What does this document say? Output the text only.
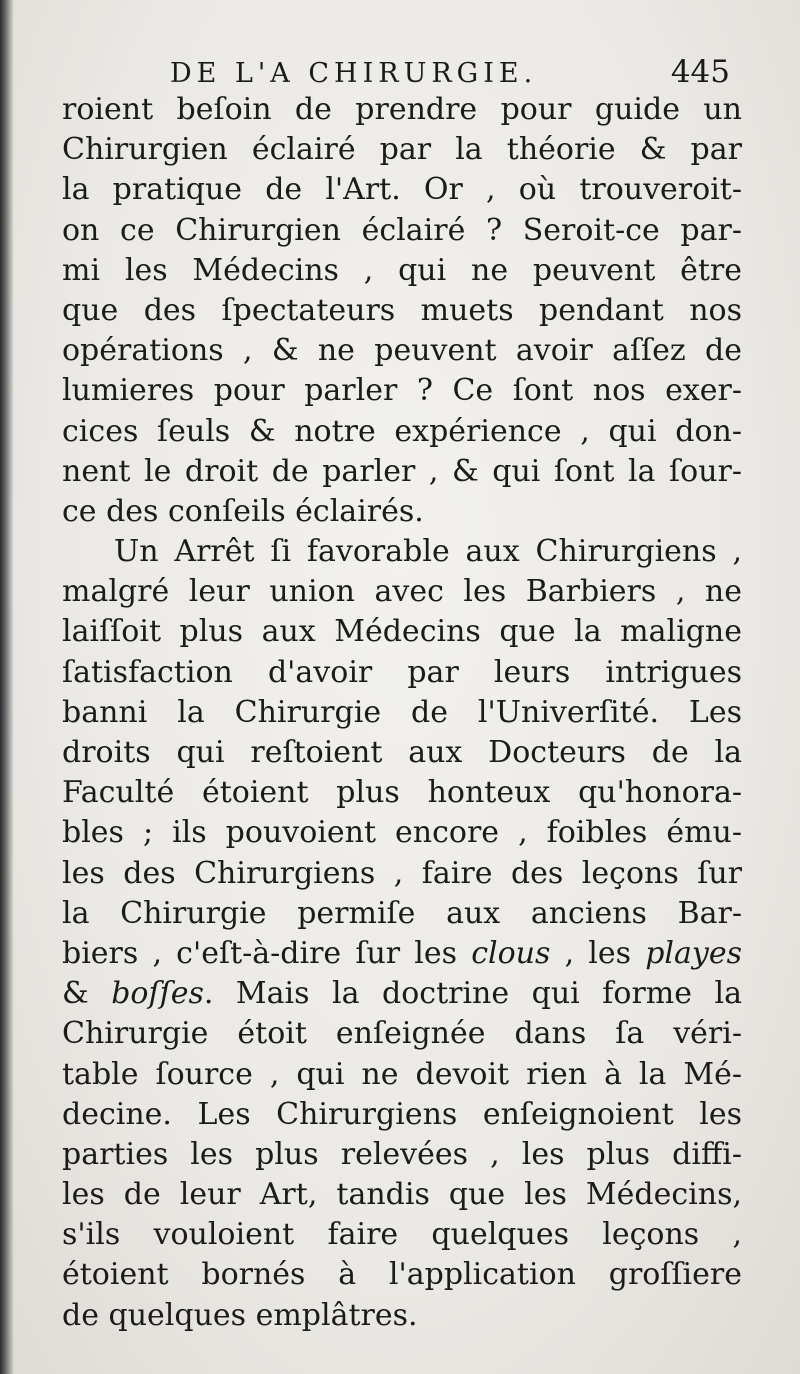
DE L'A CHIRURGIE.	445
roient beſoin de prendre pour guide un
Chirurgien éclairé par la théorie & par
la pratique de l'Art. Or , où trouveroit-
on ce Chirurgien éclairé ? Seroit-ce par-
mi les Médecins , qui ne peuvent être
que des ſpectateurs muets pendant nos
opérations , & ne peuvent avoir aſſez de
lumieres pour parler ? Ce ſont nos exer-
cices ſeuls & notre expérience , qui don-
nent le droit de parler , & qui ſont la ſour-
ce des conſeils éclairés.
Un Arrêt ſi favorable aux Chirurgiens ,
malgré leur union avec les Barbiers , ne
laiſſoit plus aux Médecins que la maligne
ſatisfaction d'avoir par leurs intrigues
banni la Chirurgie de l'Univerſité. Les
droits qui reſtoient aux Docteurs de la
Faculté étoient plus honteux qu'honora-
bles ; ils pouvoient encore , foibles ému-
les des Chirurgiens , faire des leçons ſur
la Chirurgie permiſe aux anciens Bar-
biers , c'eſt-à-dire ſur les clous , les playes
& boſſes. Mais la doctrine qui forme la
Chirurgie étoit enſeignée dans ſa véri-
table ſource , qui ne devoit rien à la Mé-
decine. Les Chirurgiens enſeignoient les
parties les plus relevées , les plus diffi-
les de leur Art, tandis que les Médecins,
s'ils vouloient faire quelques leçons ,
étoient bornés à l'application groſſiere
de quelques emplâtres.
